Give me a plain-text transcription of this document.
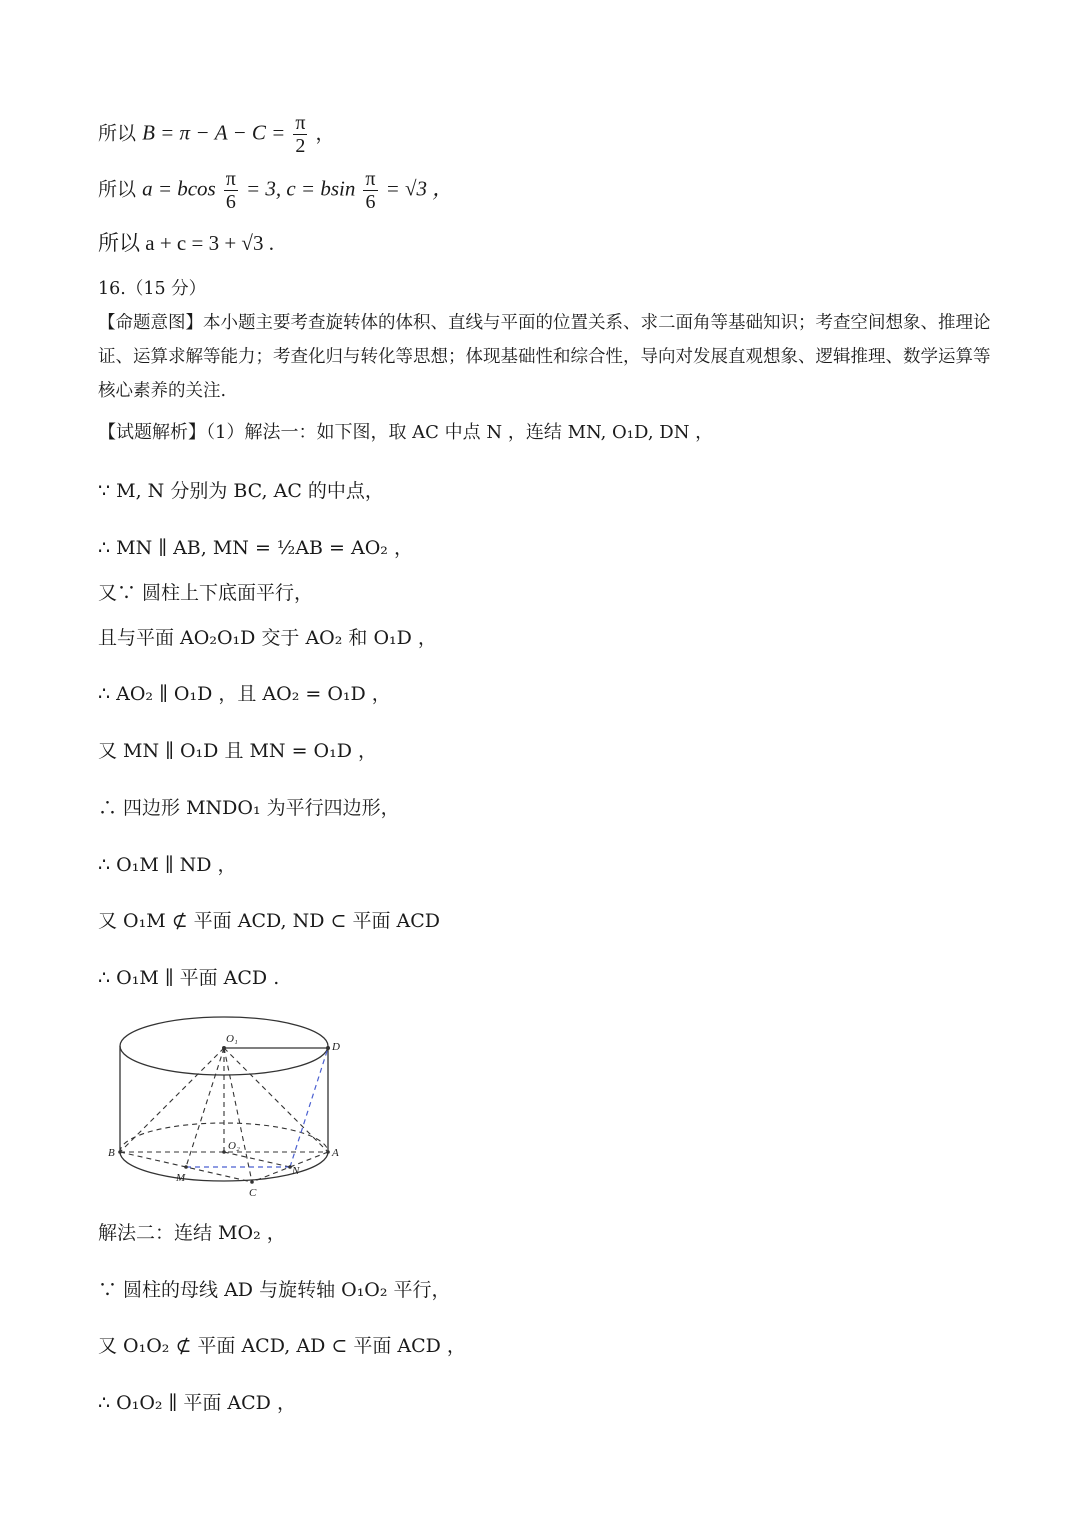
所以 $B = \pi - A - C = \frac{\pi}{2}$ ，
所以 a = bcos $\frac{\pi}{6} = 3$, c = bsin $\frac{\pi}{6} = √3$ ，
所以 a + c = 3 + √3 .
16.（15 分）
【命题意图】本小题主要考查旋转体的体积、直线与平面的位置关系、求二面角等基础知识；考查空间想象、推理论证、运算求解等能力；考查化归与转化等思想；体现基础性和综合性，导向对发展直观想象、逻辑推理、数学运算等核心素养的关注.
【试题解析】（1）解法一：如下图，取 AC 中点 N ，连结 MN, O₁D, DN ，
∵ M, N 分别为 BC, AC 的中点，
∴ MN ∥ AB, MN = ½AB = AO₂ ，
又∵ 圆柱上下底面平行，
且与平面 AO₂O₁D 交于 AO₂ 和 O₁D ，
∴ AO₂ ∥ O₁D ，且 AO₂ = O₁D ，
又 MN ∥ O₁D 且 MN = O₁D ，
∴ 四边形 MNDO₁ 为平行四边形，
∴ O₁M ∥ ND ，
又 O₁M ⊄ 平面 ACD, ND ⊂ 平面 ACD
∴ O₁M ∥ 平面 ACD .
O₁
D
O₂
B	A
M
N
C
解法二：连结 MO₂ ，
∵ 圆柱的母线 AD 与旋转轴 O₁O₂ 平行，
又 O₁O₂ ⊄ 平面 ACD, AD ⊂ 平面 ACD ，
∴ O₁O₂ ∥ 平面 ACD ，
